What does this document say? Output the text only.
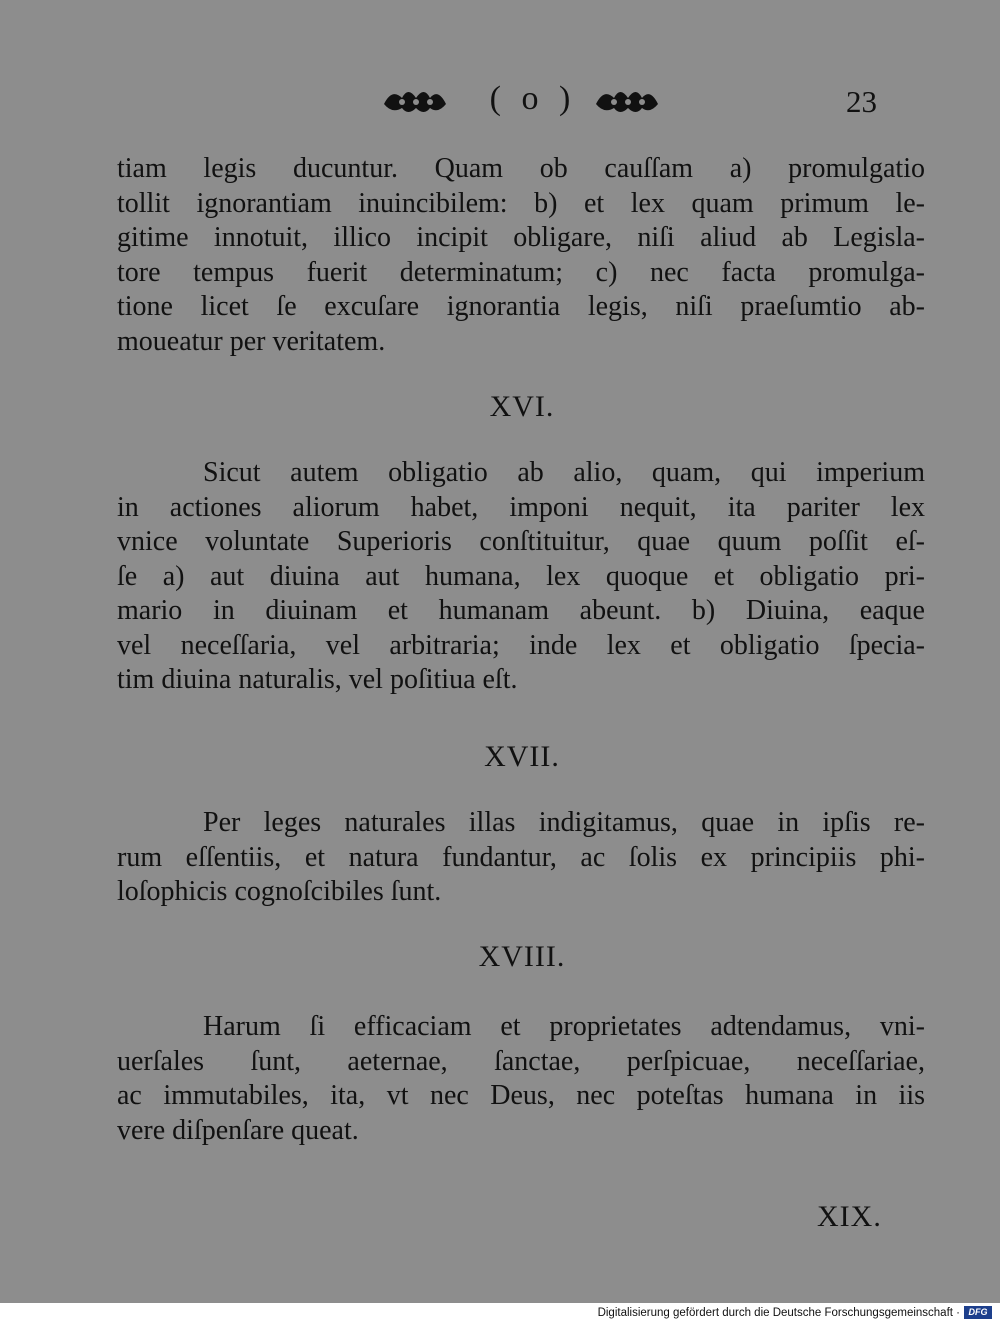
( o )	23
tiam legis ducuntur. Quam ob cauſſam a) promulgatio
tollit ignorantiam inuincibilem: b) et lex quam primum le-
gitime innotuit, illico incipit obligare, niſi aliud ab Legisla-
tore tempus fuerit determinatum; c) nec facta promulga-
tione licet ſe excuſare ignorantia legis, niſi praeſumtio ab-
moueatur per veritatem.
XVI.
Sicut autem obligatio ab alio, quam, qui imperium
in actiones aliorum habet, imponi nequit, ita pariter lex
vnice voluntate Superioris conſtituitur, quae quum poſſit eſ-
ſe a) aut diuina aut humana, lex quoque et obligatio pri-
mario in diuinam et humanam abeunt. b) Diuina, eaque
vel neceſſaria, vel arbitraria; inde lex et obligatio ſpecia-
tim diuina naturalis, vel poſitiua eſt.
XVII.
Per leges naturales illas indigitamus, quae in ipſis re-
rum eſſentiis, et natura fundantur, ac ſolis ex principiis phi-
loſophicis cognoſcibiles ſunt.
XVIII.
Harum ſi efficaciam et proprietates adtendamus, vni-
uerſales ſunt, aeternae, ſanctae, perſpicuae, neceſſariae,
ac immutabiles, ita, vt nec Deus, nec poteſtas humana in iis
vere diſpenſare queat.
XIX.
Digitalisierung gefördert durch die Deutsche Forschungsgemeinschaft · DFG
